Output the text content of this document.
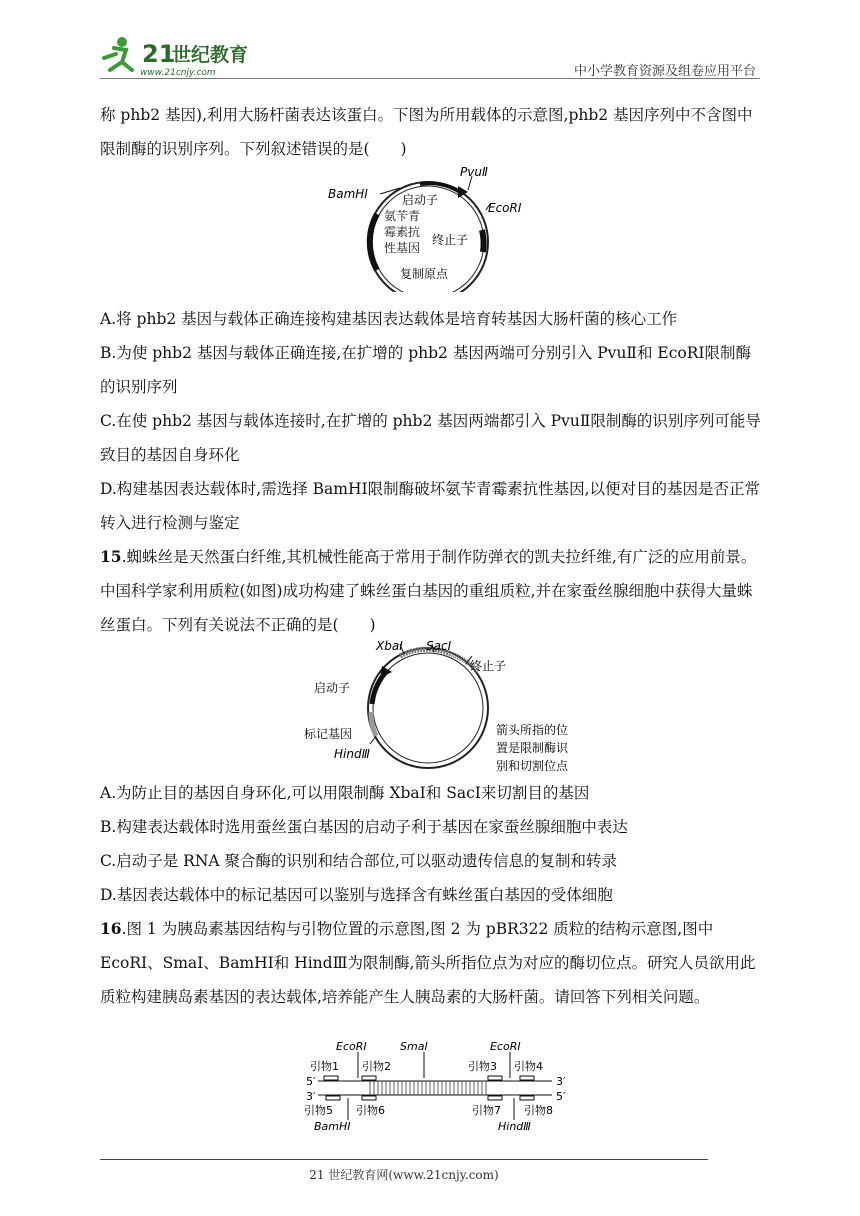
21
世纪教育
www.21cnjy.com	中小学教育资源及组卷应用平台

称 phb2 基因),利用大肠杆菌表达该蛋白。下图为所用载体的示意图,phb2 基因序列中不含图中限制酶的识别序列。下列叙述错误的是(　　)

BamHⅠ	启动子
PvuⅡ
EcoRⅠ
氨苄青霉素抗性基因
终止子
复制原点

A.将 phb2 基因与载体正确连接构建基因表达载体是培育转基因大肠杆菌的核心工作

B.为使 phb2 基因与载体正确连接,在扩增的 phb2 基因两端可分别引入 PvuⅡ和 EcoRⅠ限制酶的识别序列

C.在使 phb2 基因与载体连接时,在扩增的 phb2 基因两端都引入 PvuⅡ限制酶的识别序列可能导致目的基因自身环化

D.构建基因表达载体时,需选择 BamHⅠ限制酶破坏氨苄青霉素抗性基因,以便对目的基因是否正常转入进行检测与鉴定

15.蜘蛛丝是天然蛋白纤维,其机械性能高于常用于制作防弹衣的凯夫拉纤维,有广泛的应用前景。中国科学家利用质粒(如图)成功构建了蛛丝蛋白基因的重组质粒,并在家蚕丝腺细胞中获得大量蛛丝蛋白。下列有关说法不正确的是(　　)

XbaⅠ SacⅠ
终止子
启动子
标记基因
HindⅢ
箭头所指的位
置是限制酶识
别和切割位点

A.为防止目的基因自身环化,可以用限制酶 XbaⅠ和 SacⅠ来切割目的基因

B.构建表达载体时选用蚕丝蛋白基因的启动子利于基因在家蚕丝腺细胞中表达

C.启动子是 RNA 聚合酶的识别和结合部位,可以驱动遗传信息的复制和转录

D.基因表达载体中的标记基因可以鉴别与选择含有蛛丝蛋白基因的受体细胞

16.图 1 为胰岛素基因结构与引物位置的示意图,图 2 为 pBR322 质粒的结构示意图,图中 EcoRⅠ、SmaⅠ、BamHⅠ和 HindⅢ为限制酶,箭头所指位点为对应的酶切位点。研究人员欲用此质粒构建胰岛素基因的表达载体,培养能产生人胰岛素的大肠杆菌。请回答下列相关问题。

EcoRⅠ	SmaⅠ	EcoRⅠ
引物1 引物2	引物3 引物4
5′	3′
3′	5′
引物5 引物6	引物7 引物8
BamHⅠ	HindⅢ
21 世纪教育网(www.21cnjy.com)
